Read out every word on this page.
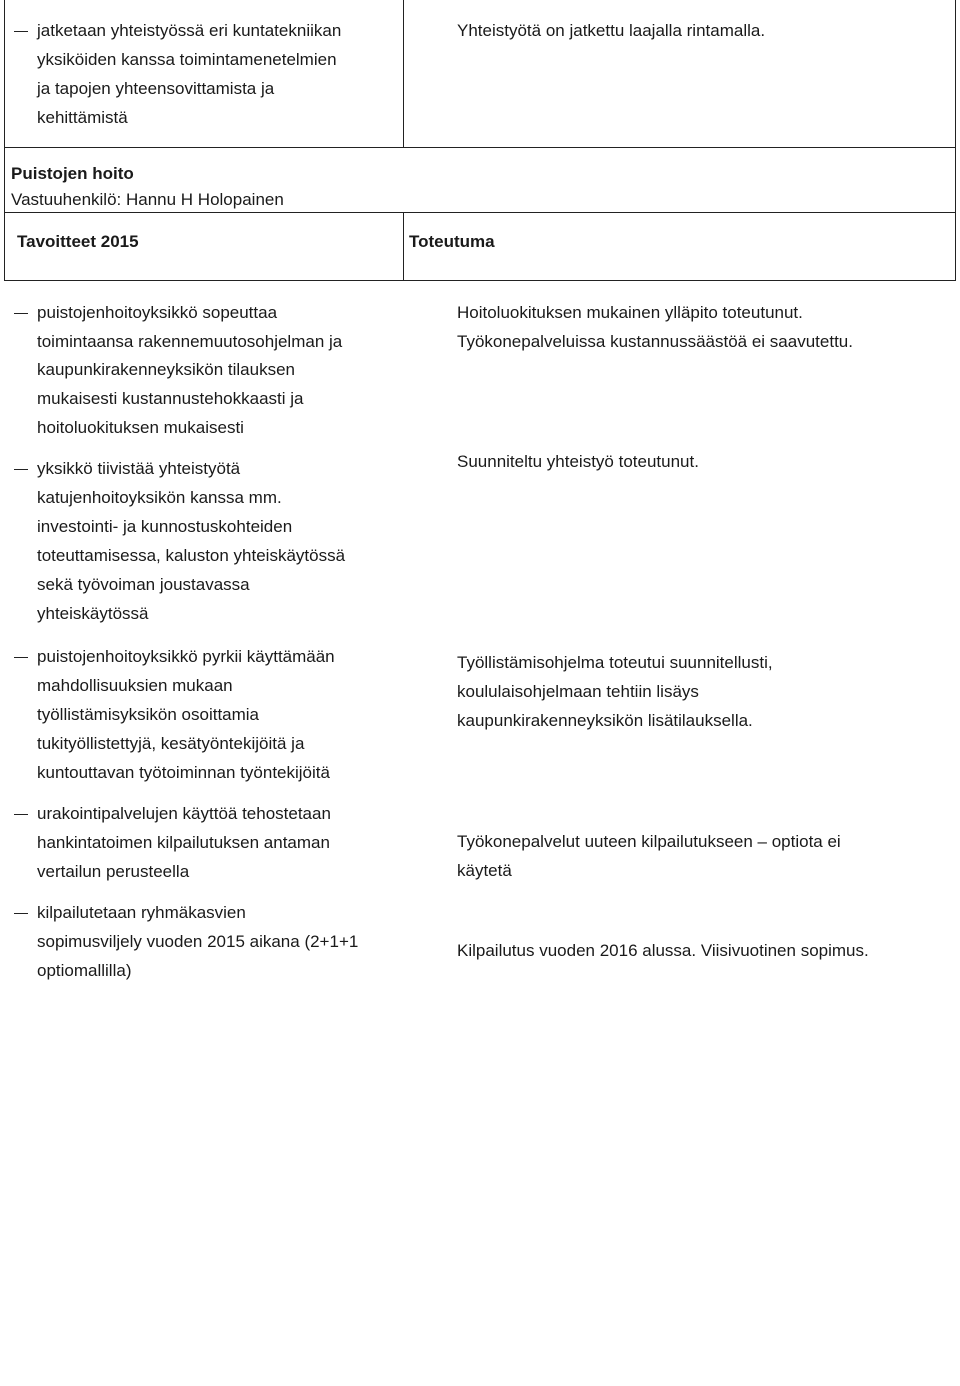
jatketaan yhteistyössä eri kuntatekniikan
yksiköiden kanssa toimintamenetelmien
ja tapojen yhteensovittamista ja
kehittämistä
Yhteistyötä on jatkettu laajalla rintamalla.
Puistojen hoito
Vastuuhenkilö: Hannu H Holopainen
Tavoitteet 2015	Toteutuma
puistojenhoitoyksikkö sopeuttaa
toimintaansa rakennemuutosohjelman ja
kaupunkirakenneyksikön tilauksen
mukaisesti kustannustehokkaasti ja
hoitoluokituksen mukaisesti
yksikkö tiivistää yhteistyötä
katujenhoitoyksikön kanssa mm.
investointi- ja kunnostuskohteiden
toteuttamisessa, kaluston yhteiskäytössä
sekä työvoiman joustavassa
yhteiskäytössä
puistojenhoitoyksikkö pyrkii käyttämään
mahdollisuuksien mukaan
työllistämisyksikön osoittamia
tukityöllistettyjä, kesätyöntekijöitä ja
kuntouttavan työtoiminnan työntekijöitä
urakointipalvelujen käyttöä tehostetaan
hankintatoimen kilpailutuksen antaman
vertailun perusteella
kilpailutetaan ryhmäkasvien
sopimusviljely vuoden 2015 aikana (2+1+1
optiomallilla)
Hoitoluokituksen mukainen ylläpito toteutunut.
Työkonepalveluissa kustannussäästöä ei saavutettu.
Suunniteltu yhteistyö toteutunut.
Työllistämisohjelma toteutui suunnitellusti,
koululaisohjelmaan tehtiin lisäys
kaupunkirakenneyksikön lisätilauksella.
Työkonepalvelut uuteen kilpailutukseen – optiota ei
käytetä
Kilpailutus vuoden 2016 alussa. Viisivuotinen sopimus.
